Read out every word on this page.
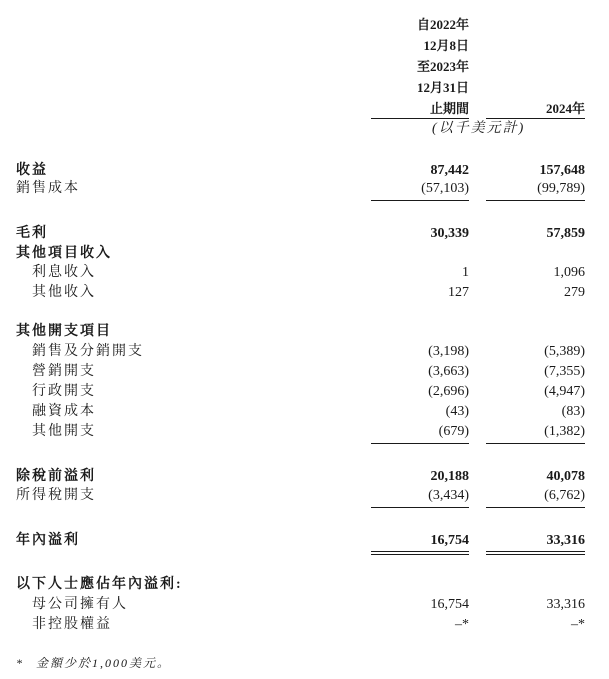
自2022年
12月8日
至2023年
12月31日
止期間	2024年
(以千美元計)
收益	87,442	157,648
銷售成本	(57,103)	(99,789)
毛利	30,339	57,859
其他項目收入
利息收入	1	1,096
其他收入	127	279
其他開支項目
銷售及分銷開支	(3,198)	(5,389)
營銷開支	(3,663)	(7,355)
行政開支	(2,696)	(4,947)
融資成本	(43)	(83)
其他開支	(679)	(1,382)
除稅前溢利	20,188	40,078
所得稅開支	(3,434)	(6,762)
年內溢利	16,754	33,316
以下人士應佔年內溢利:
母公司擁有人	16,754	33,316
非控股權益	–*	–*
* 金額少於1,000美元。
